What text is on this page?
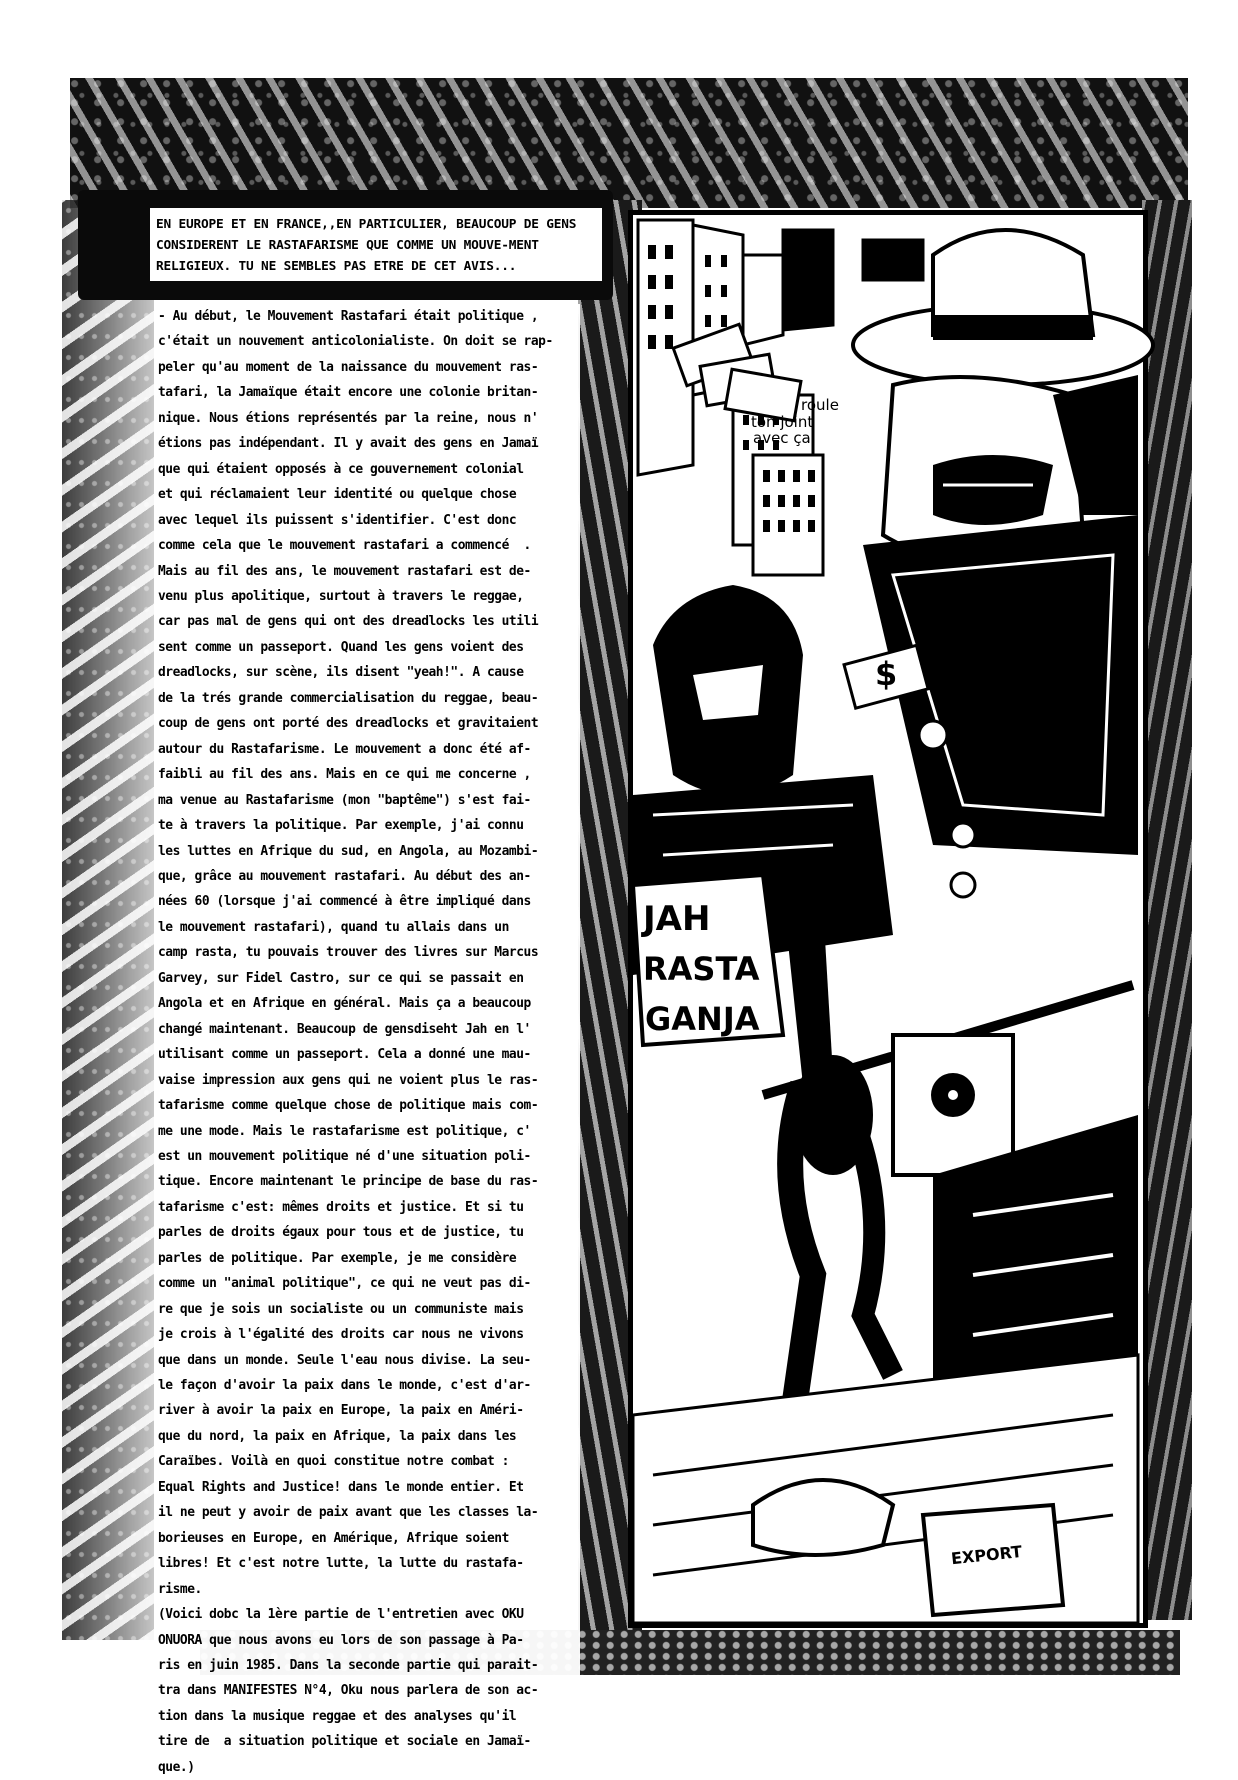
EN EUROPE ET EN FRANCE,,EN PARTICULIER, BEAUCOUP DE GENS CONSIDERENT LE RASTAFARISME QUE COMME UN MOUVE-MENT RELIGIEUX. TU NE SEMBLES PAS ETRE DE CET AVIS...

- Au début, le Mouvement Rastafari était politique ,
c'était un nouvement anticolonialiste. On doit se rap-
peler qu'au moment de la naissance du mouvement ras-
tafari, la Jamaïque était encore une colonie britan-
nique. Nous étions représentés par la reine, nous n'
étions pas indépendant. Il y avait des gens en Jamaï
que qui étaient opposés à ce gouvernement colonial
et qui réclamaient leur identité ou quelque chose
avec lequel ils puissent s'identifier. C'est donc
comme cela que le mouvement rastafari a commencé  .
Mais au fil des ans, le mouvement rastafari est de-
venu plus apolitique, surtout à travers le reggae,
car pas mal de gens qui ont des dreadlocks les utili
sent comme un passeport. Quand les gens voient des
dreadlocks, sur scène, ils disent "yeah!". A cause
de la trés grande commercialisation du reggae, beau-
coup de gens ont porté des dreadlocks et gravitaient
autour du Rastafarisme. Le mouvement a donc été af-
faibli au fil des ans. Mais en ce qui me concerne ,
ma venue au Rastafarisme (mon "baptême") s'est fai-
te à travers la politique. Par exemple, j'ai connu
les luttes en Afrique du sud, en Angola, au Mozambi-
que, grâce au mouvement rastafari. Au début des an-
nées 60 (lorsque j'ai commencé à être impliqué dans
le mouvement rastafari), quand tu allais dans un
camp rasta, tu pouvais trouver des livres sur Marcus
Garvey, sur Fidel Castro, sur ce qui se passait en
Angola et en Afrique en général. Mais ça a beaucoup
changé maintenant. Beaucoup de gensdiseht Jah en l'
utilisant comme un passeport. Cela a donné une mau-
vaise impression aux gens qui ne voient plus le ras-
tafarisme comme quelque chose de politique mais com-
me une mode. Mais le rastafarisme est politique, c'
est un mouvement politique né d'une situation poli-
tique. Encore maintenant le principe de base du ras-
tafarisme c'est: mêmes droits et justice. Et si tu
parles de droits égaux pour tous et de justice, tu
parles de politique. Par exemple, je me considère
comme un "animal politique", ce qui ne veut pas di-
re que je sois un socialiste ou un communiste mais
je crois à l'égalité des droits car nous ne vivons
que dans un monde. Seule l'eau nous divise. La seu-
le façon d'avoir la paix dans le monde, c'est d'ar-
river à avoir la paix en Europe, la paix en Améri-
que du nord, la paix en Afrique, la paix dans les
Caraïbes. Voilà en quoi constitue notre combat :
Equal Rights and Justice! dans le monde entier. Et
il ne peut y avoir de paix avant que les classes la-
borieuses en Europe, en Amérique, Afrique soient
libres! Et c'est notre lutte, la lutte du rastafa-
risme.
(Voici dobc la 1ère partie de l'entretien avec OKU
ONUORA que nous avons eu lors de son passage à Pa-
ris en juin 1985. Dans la seconde partie qui parait-
tra dans MANIFESTES N°4, Oku nous parlera de son ac-
tion dans la musique reggae et des analyses qu'il
tire de  a situation politique et sociale en Jamaï-
que.)
$
roule
ton joint
avec ça
JAH
RASTA
GANJA
EXPORT
